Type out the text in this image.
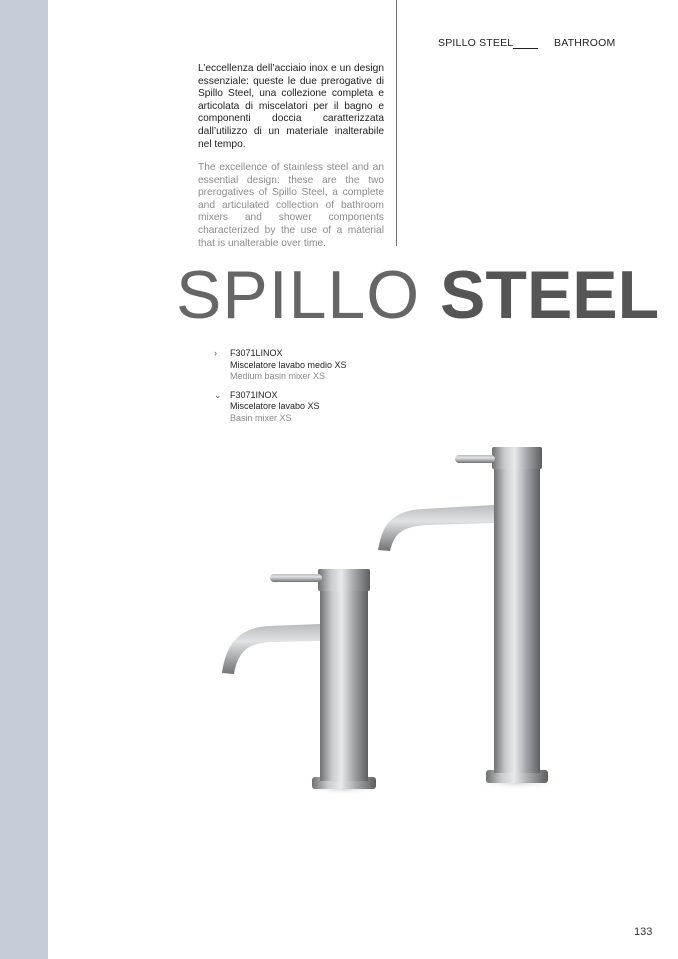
SPILLO STEEL	BATHROOM

L’eccellenza dell’acciaio inox e un design essenziale: queste le due prerogative di Spillo Steel, una collezione completa e articolata di miscelatori per il bagno e componenti doccia caratterizzata dall’utilizzo di un materiale inalterabile nel tempo.

The excellence of stainless steel and an essential design: these are the two prerogatives of Spillo Steel, a complete and articulated collection of bathroom mixers and shower components characterized by the use of a material that is unalterable over time.

SPILLO STEEL
›	F3071LINOX
Miscelatore lavabo medio XS
Medium basin mixer XS
⌄ F3071INOX
Miscelatore lavabo XS
Basin mixer XS
133
